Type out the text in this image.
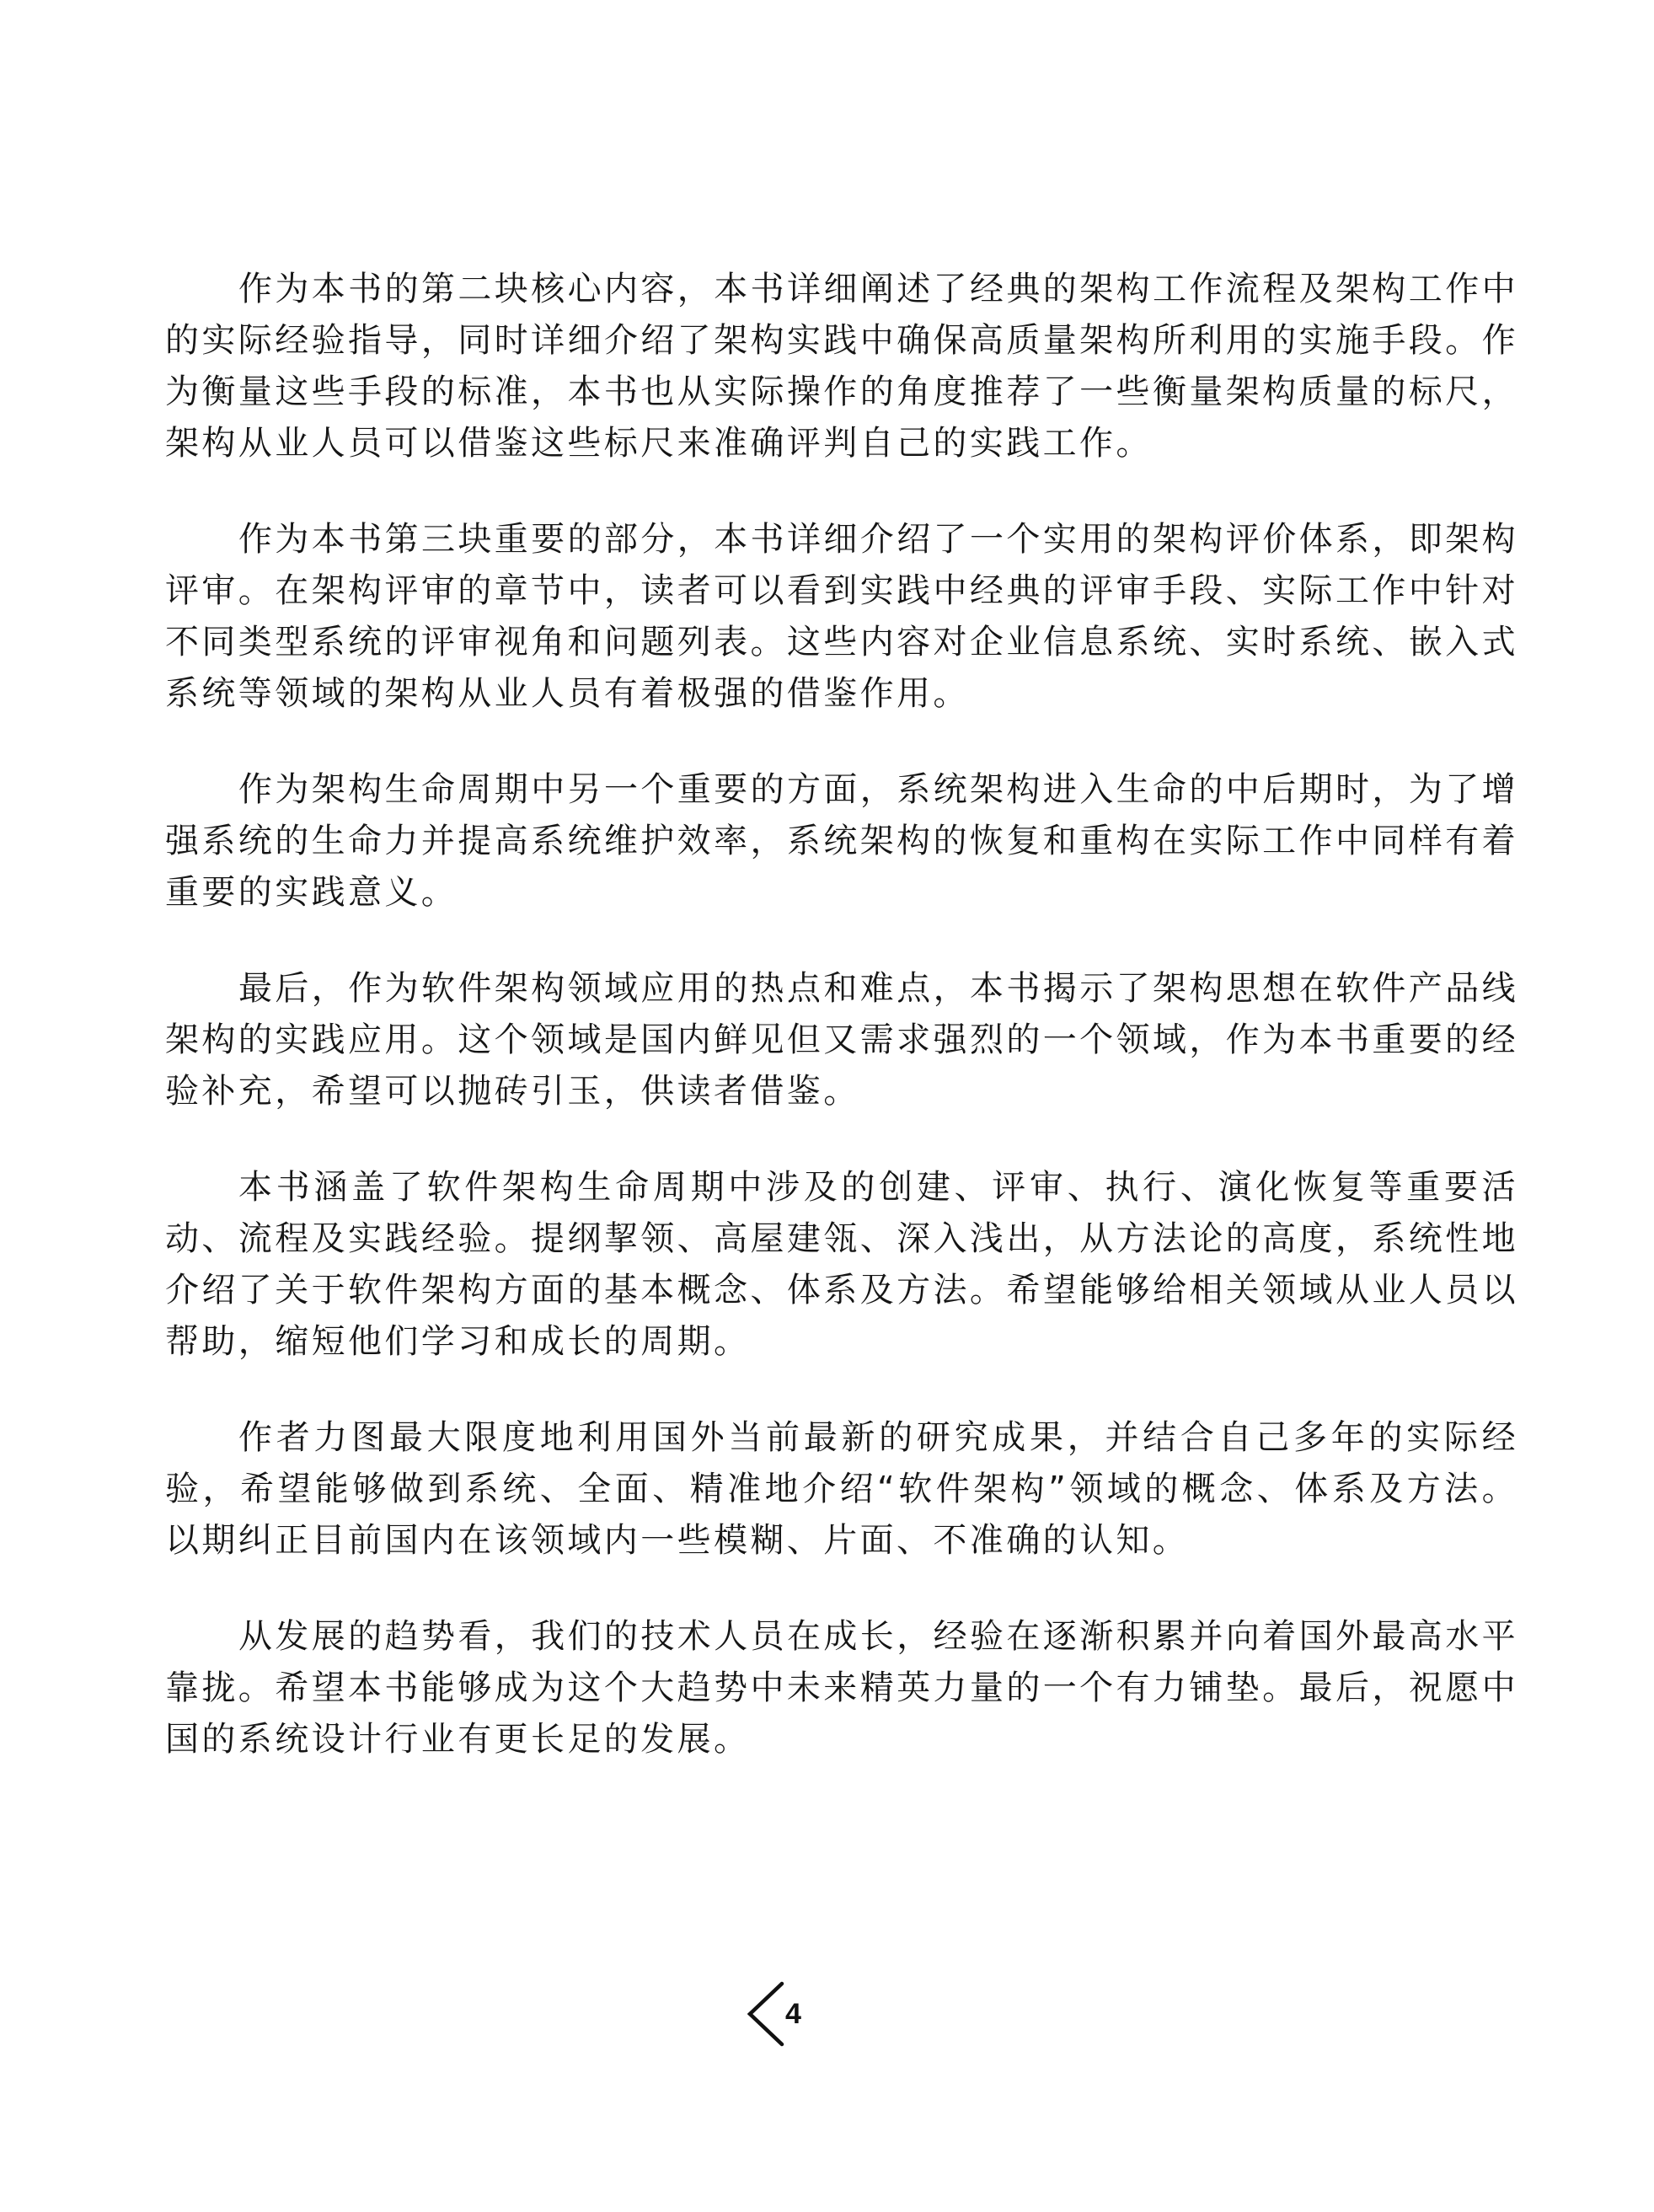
作为本书的第二块核心内容，本书详细阐述了经典的架构工作流程及架构工作中的实际经验指导，同时详细介绍了架构实践中确保高质量架构所利用的实施手段。作为衡量这些手段的标准，本书也从实际操作的角度推荐了一些衡量架构质量的标尺，架构从业人员可以借鉴这些标尺来准确评判自己的实践工作。

作为本书第三块重要的部分，本书详细介绍了一个实用的架构评价体系，即架构评审。在架构评审的章节中，读者可以看到实践中经典的评审手段、实际工作中针对不同类型系统的评审视角和问题列表。这些内容对企业信息系统、实时系统、嵌入式系统等领域的架构从业人员有着极强的借鉴作用。

作为架构生命周期中另一个重要的方面，系统架构进入生命的中后期时，为了增强系统的生命力并提高系统维护效率，系统架构的恢复和重构在实际工作中同样有着重要的实践意义。

最后，作为软件架构领域应用的热点和难点，本书揭示了架构思想在软件产品线架构的实践应用。这个领域是国内鲜见但又需求强烈的一个领域，作为本书重要的经验补充，希望可以抛砖引玉，供读者借鉴。

本书涵盖了软件架构生命周期中涉及的创建、评审、执行、演化恢复等重要活动、流程及实践经验。提纲挈领、高屋建瓴、深入浅出，从方法论的高度，系统性地介绍了关于软件架构方面的基本概念、体系及方法。希望能够给相关领域从业人员以帮助，缩短他们学习和成长的周期。

作者力图最大限度地利用国外当前最新的研究成果，并结合自己多年的实际经验，希望能够做到系统、全面、精准地介绍“软件架构”领域的概念、体系及方法。以期纠正目前国内在该领域内一些模糊、片面、不准确的认知。

从发展的趋势看，我们的技术人员在成长，经验在逐渐积累并向着国外最高水平靠拢。希望本书能够成为这个大趋势中未来精英力量的一个有力铺垫。最后，祝愿中国的系统设计行业有更长足的发展。

4
